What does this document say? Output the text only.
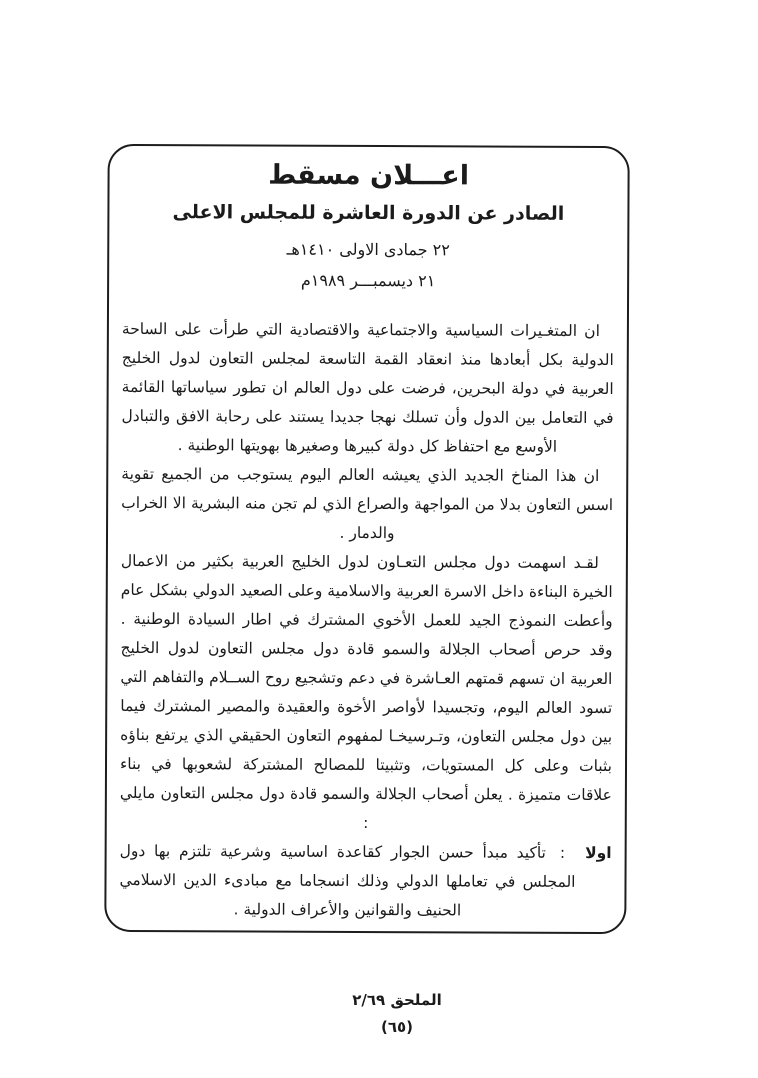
اعـــلان مسقط
الصادر عن الدورة العاشرة للمجلس الاعلى
٢٢ جمادى الاولى ١٤١٠هـ
٢١ ديسمبـــر ١٩٨٩م

ان المتغـيرات السياسية والاجتماعية والاقتصادية التي طرأت على الساحة الدولية بكل أبعادها منذ انعقاد القمة التاسعة لمجلس التعاون لدول الخليج العربية في دولة البحرين، فرضت على دول العالم ان تطور سياساتها القائمة في التعامل بين الدول وأن تسلك نهجا جديدا يستند على رحابة الافق والتبادل الأوسع مع احتفاظ كل دولة كبيرها وصغيرها بهويتها الوطنية .

ان هذا المناخ الجديد الذي يعيشه العالم اليوم يستوجب من الجميع تقوية اسس التعاون بدلا من المواجهة والصراع الذي لم تجن منه البشرية الا الخراب والدمار .

لقـد اسهمت دول مجلس التعـاون لدول الخليج العربية بكثير من الاعمال الخيرة البناءة داخل الاسرة العربية والاسلامية وعلى الصعيد الدولي بشكل عام وأعطت النموذج الجيد للعمل الأخوي المشترك في اطار السيادة الوطنية . وقد حرص أصحاب الجلالة والسمو قادة دول مجلس التعاون لدول الخليج العربية ان تسهم قمتهم العـاشرة في دعم وتشجيع روح الســلام والتفاهم التي تسود العالم اليوم، وتجسيدا لأواصر الأخوة والعقيدة والمصير المشترك فيما بين دول مجلس التعاون، وتـرسيخـا لمفهوم التعاون الحقيقي الذي يرتفع بناؤه بثبات وعلى كل المستويات، وتثبيتا للمصالح المشتركة لشعوبها في بناء علاقات متميزة . يعلن أصحاب الجلالة والسمو قادة دول مجلس التعاون مايلي :

اولا:تأكيد مبدأ حسن الجوار كقاعدة اساسية وشرعية تلتزم بها دول المجلس في تعاملها الدولي وذلك انسجاما مع مبادىء الدين الاسلامي الحنيف والقوانين والأعراف الدولية .

الملحق ٢/٦٩
(٦٥)
